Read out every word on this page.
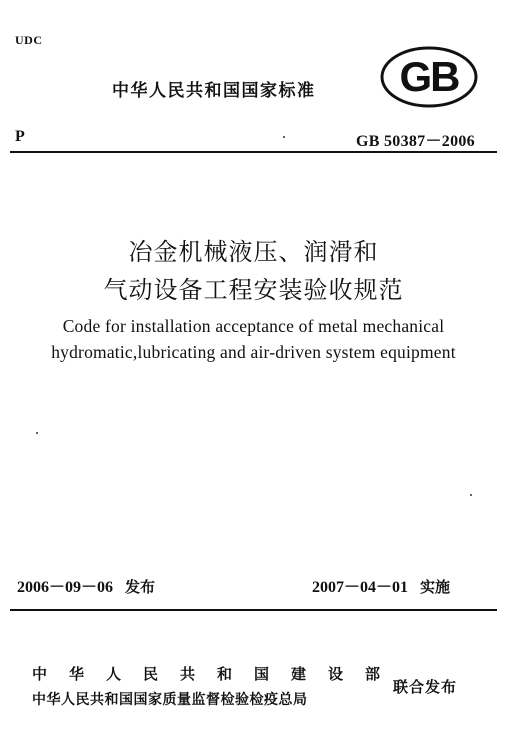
UDC
中华人民共和国国家标准 GB
P	GB 50387－2006
冶金机械液压、润滑和
气动设备工程安装验收规范
Code for installation acceptance of metal mechanical
hydromatic,lubricating and air-driven system equipment
2006－09－06 发布	2007－04－01 实施
中华人民共和国建设部
中华人民共和国国家质量监督检验检疫总局
联合发布
